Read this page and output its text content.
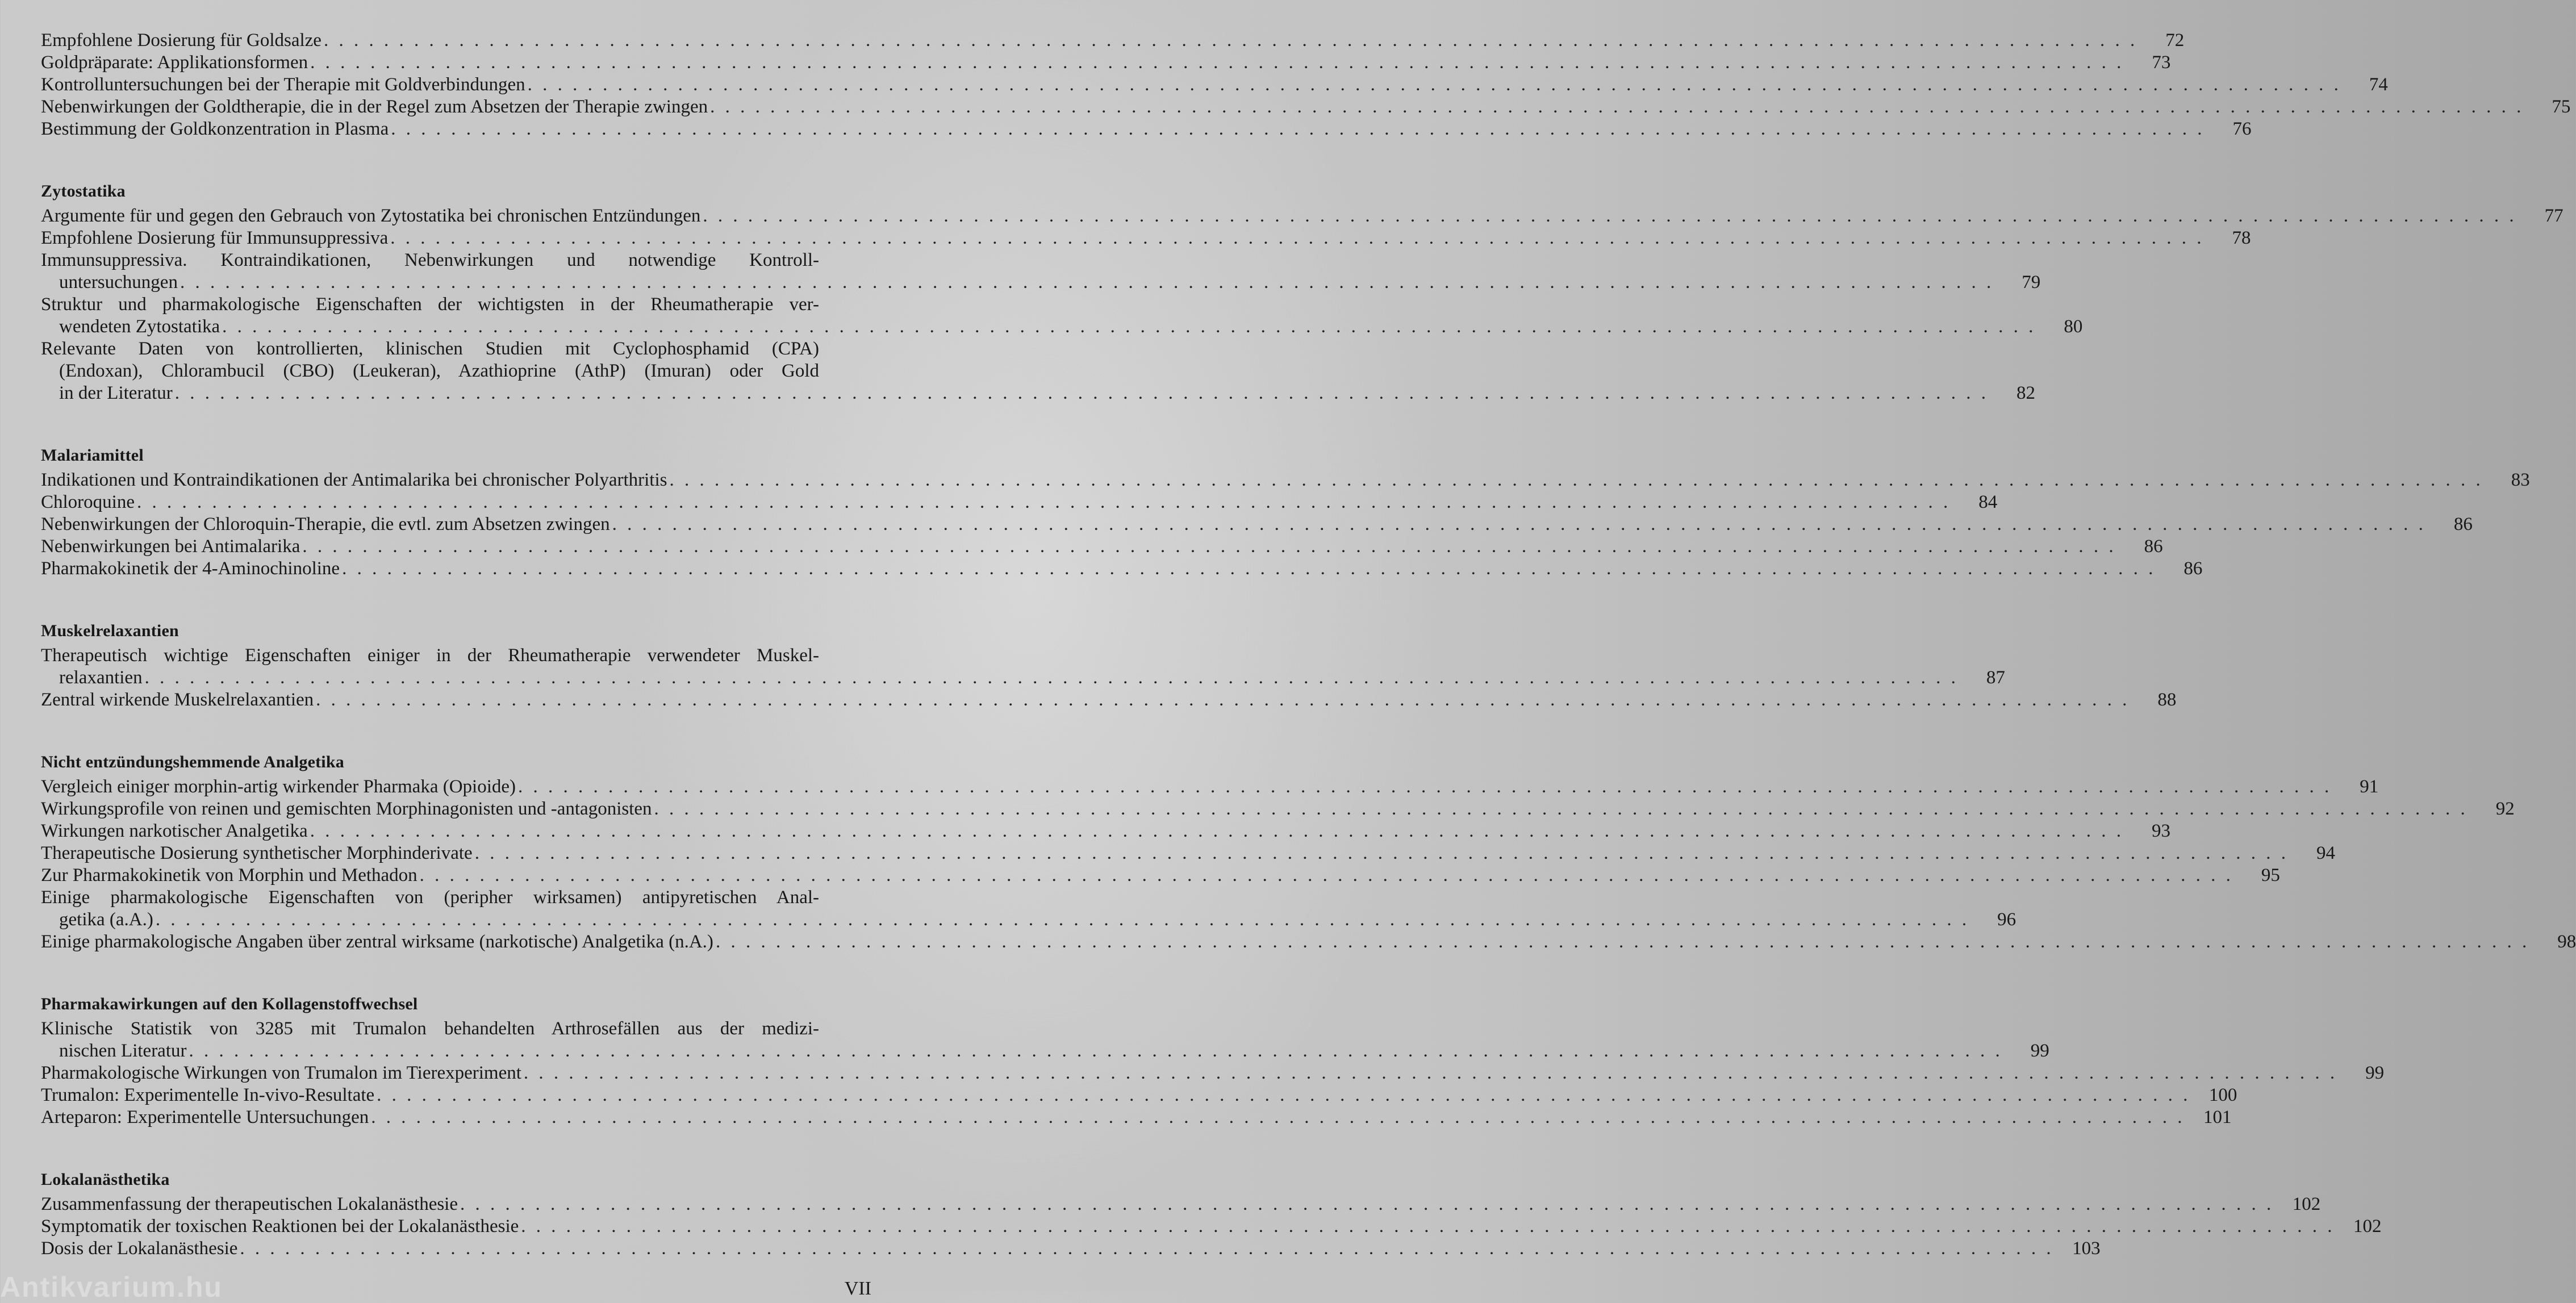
Empfohlene Dosierung für Goldsalze . . .	72
Goldpräparate: Applikationsformen . . .	73
Kontrolluntersuchungen bei der Therapie mit Goldverbindungen . . .	74
Nebenwirkungen der Goldtherapie, die in der Regel zum Absetzen der Therapie zwingen . . .	75
Bestimmung der Goldkonzentration in Plasma . . .	76
Zytostatika
Argumente für und gegen den Gebrauch von Zytostatika bei chronischen Entzündungen . . .	77
Empfohlene Dosierung für Immunsuppressiva . . .	78
Immunsuppressiva. Kontraindikationen, Nebenwirkungen und notwendige Kontroll-
untersuchungen . . .	79
Struktur und pharmakologische Eigenschaften der wichtigsten in der Rheumatherapie ver-
wendeten Zytostatika . . .	80
Relevante Daten von kontrollierten, klinischen Studien mit Cyclophosphamid (CPA)
(Endoxan), Chlorambucil (CBO) (Leukeran), Azathioprine (AthP) (Imuran) oder Gold
in der Literatur . . .	82
Malariamittel
Indikationen und Kontraindikationen der Antimalarika bei chronischer Polyarthritis . . .	83
Chloroquine . . .	84
Nebenwirkungen der Chloroquin-Therapie, die evtl. zum Absetzen zwingen . . .	86
Nebenwirkungen bei Antimalarika . . .	86
Pharmakokinetik der 4-Aminochinoline . . .	86
Muskelrelaxantien
Therapeutisch wichtige Eigenschaften einiger in der Rheumatherapie verwendeter Muskel-
relaxantien . . .	87
Zentral wirkende Muskelrelaxantien . . .	88
Nicht entzündungshemmende Analgetika
Vergleich einiger morphin-artig wirkender Pharmaka (Opioide) . . .	91
Wirkungsprofile von reinen und gemischten Morphinagonisten und -antagonisten . . .	92
Wirkungen narkotischer Analgetika . . .	93
Therapeutische Dosierung synthetischer Morphinderivate . . .	94
Zur Pharmakokinetik von Morphin und Methadon . . .	95
Einige pharmakologische Eigenschaften von (peripher wirksamen) antipyretischen Anal-
getika (a.A.) . . .	96
Einige pharmakologische Angaben über zentral wirksame (narkotische) Analgetika (n.A.) . . .	98
Pharmakawirkungen auf den Kollagenstoffwechsel
Klinische Statistik von 3285 mit Trumalon behandelten Arthrosefällen aus der medizi-
nischen Literatur . . .	99
Pharmakologische Wirkungen von Trumalon im Tierexperiment . . .	99
Trumalon: Experimentelle In-vivo-Resultate . . .	100
Arteparon: Experimentelle Untersuchungen . . .	101
Lokalanästhetika
Zusammenfassung der therapeutischen Lokalanästhesie . . .	102
Symptomatik der toxischen Reaktionen bei der Lokalanästhesie . . .	102
Dosis der Lokalanästhesie . . .	103
Antikvarium.hu	VII
